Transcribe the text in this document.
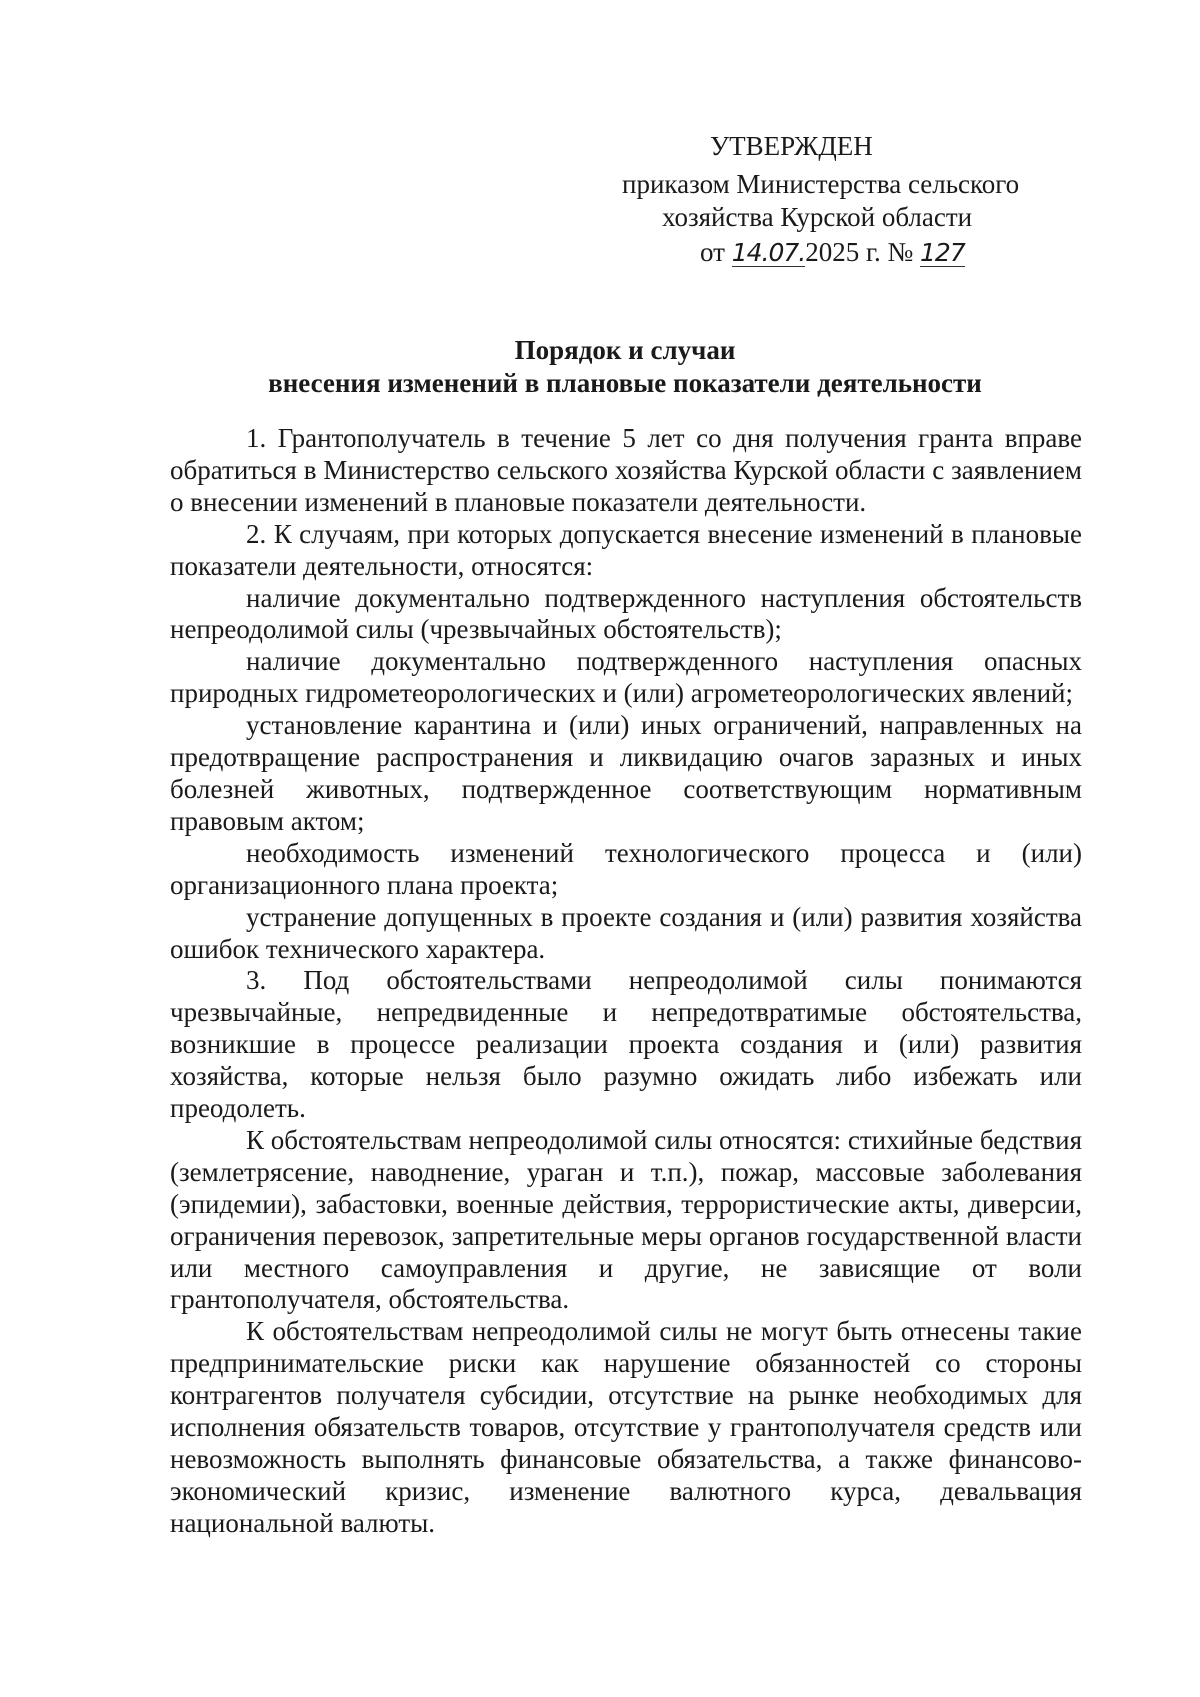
УТВЕРЖДЕН
приказом Министерства сельского
хозяйства Курской области
от 14.07.2025 г. № 127
Порядок и случаи
внесения изменений в плановые показатели деятельности

1. Грантополучатель в течение 5 лет со дня получения гранта вправе обратиться в Министерство сельского хозяйства Курской области с заявлением о внесении изменений в плановые показатели деятельности.

2. К случаям, при которых допускается внесение изменений в плановые показатели деятельности, относятся:

наличие документально подтвержденного наступления обстоятельств непреодолимой силы (чрезвычайных обстоятельств);

наличие документально подтвержденного наступления опасных природных гидрометеорологических и (или) агрометеорологических явлений;

установление карантина и (или) иных ограничений, направленных на предотвращение распространения и ликвидацию очагов заразных и иных болезней животных, подтвержденное соответствующим нормативным правовым актом;

необходимость изменений технологического процесса и (или) организационного плана проекта;

устранение допущенных в проекте создания и (или) развития хозяйства ошибок технического характера.

3. Под обстоятельствами непреодолимой силы понимаются чрезвычайные, непредвиденные и непредотвратимые обстоятельства, возникшие в процессе реализации проекта создания и (или) развития хозяйства, которые нельзя было разумно ожидать либо избежать или преодолеть.

К обстоятельствам непреодолимой силы относятся: стихийные бедствия (землетрясение, наводнение, ураган и т.п.), пожар, массовые заболевания (эпидемии), забастовки, военные действия, террористические акты, диверсии, ограничения перевозок, запретительные меры органов государственной власти или местного самоуправления и другие, не зависящие от воли грантополучателя, обстоятельства.

К обстоятельствам непреодолимой силы не могут быть отнесены такие предпринимательские риски как нарушение обязанностей со стороны контрагентов получателя субсидии, отсутствие на рынке необходимых для исполнения обязательств товаров, отсутствие у грантополучателя средств или невозможность выполнять финансовые обязательства, а также финансово-экономический кризис, изменение валютного курса, девальвация национальной валюты.
